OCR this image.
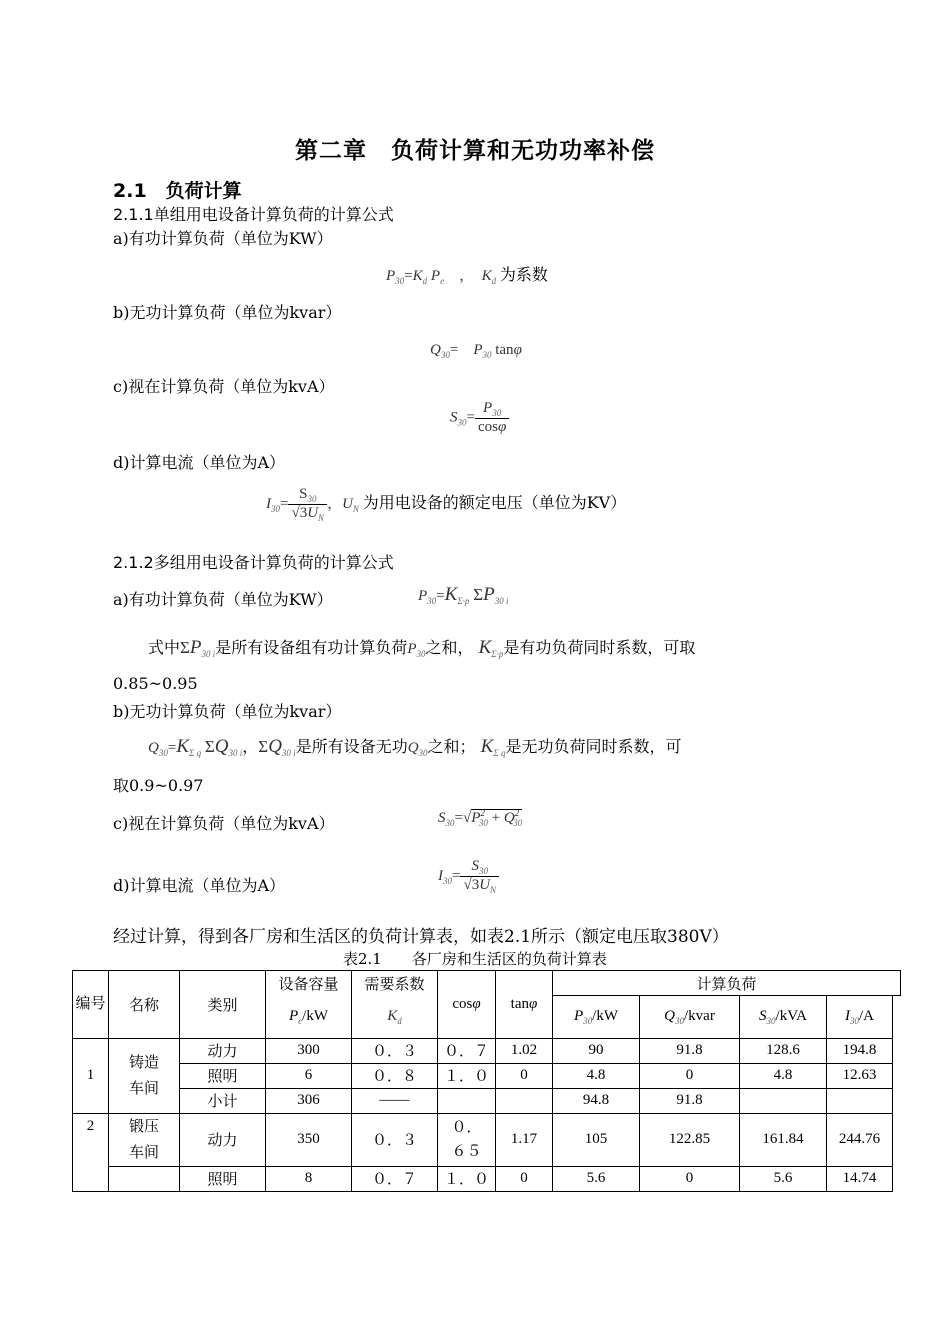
第二章　负荷计算和无功功率补偿
2.1　负荷计算
2.1.1单组用电设备计算负荷的计算公式
a)有功计算负荷（单位为KW）
$P_{30}=K_d$ $P_e$　，　$K_d$ 为系数
b)无功计算负荷（单位为kvar）
$Q_{30}=$　$P_{30}$ tanφ
c)视在计算负荷（单位为kvA）
$S_{30}= \frac{P_{30}}{\cos\varphi}$
d)计算电流（单位为A）
$I_{30}= \frac{S_{30}}{√3U_N}$ ，$U_N$ 为用电设备的额定电压（单位为KV）
2.1.2多组用电设备计算负荷的计算公式
a)有功计算负荷（单位为KW）	$P_{30}=K_{\Sigma\cdot p}$ $\Sigma P_{30 i}$
式中$\Sigma P_{30 i}$是所有设备组有功计算负荷$P_{30}$之和， $K_{\Sigma\cdot p}$是有功负荷同时系数，可取
0.85~0.95
b)无功计算负荷（单位为kvar）
$Q_{30}=K_{\Sigma q}$ $\Sigma Q_{30 i}$，$\Sigma Q_{30 i}$是所有设备无功$Q_{30}$之和； $K_{\Sigma q}$是无功负荷同时系数，可
取0.9~0.97
c)视在计算负荷（单位为kvA）	$S_{30}=√P^2_{30} + Q^2_{30}$
d)计算电流（单位为A）
$I_{30}= \frac{S_{30}}{√3U_N}$
经过计算，得到各厂房和生活区的负荷计算表，如表2.1所示（额定电压取380V）
表2.1　　 各厂房和生活区的负荷计算表
编号	名称	类别	设备容量	需要系数	cosφ	tanφ	计算负荷				
			$P_e/kW$	$K_d$			$P_{30}/kW$	$Q_{30}$/kvar	$S_{30}$/kVA	$I_{30}/A$	
1	铸造车间	动力	300	０．３	０．７	1.02	90	91.8	128.6	194.8	
		照明	6	０．８	１．０	0	4.8	0	4.8	12.63	
		小计	306	——			94.8	91.8			
2	锻压车间	动力	350	０．３	０．６５	1.17	105	122.85	161.84	244.76	
		照明	8	０．７	１．０	0	5.6	0	5.6	14.74	
